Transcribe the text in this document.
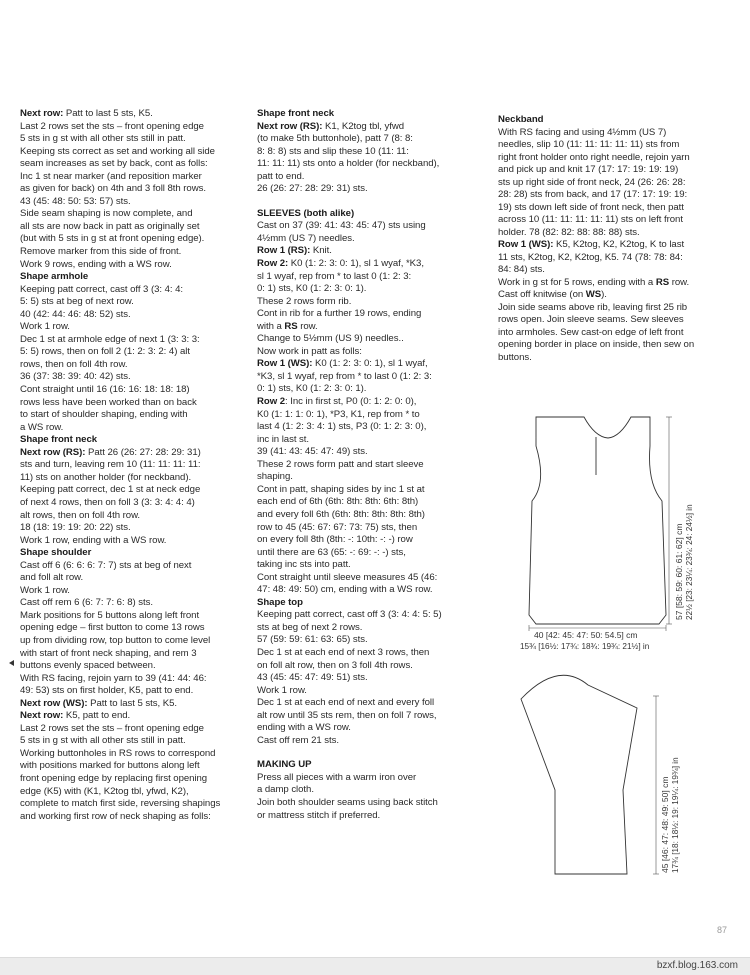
Next row: Patt to last 5 sts, K5.
Last 2 rows set the sts – front opening edge
5 sts in g st with all other sts still in patt.
Keeping sts correct as set and working all side
seam increases as set by back, cont as folls:
Inc 1 st near marker (and reposition marker
as given for back) on 4th and 3 foll 8th rows.
43 (45: 48: 50: 53: 57) sts.
Side seam shaping is now complete, and
all sts are now back in patt as originally set
(but with 5 sts in g st at front opening edge).
Remove marker from this side of front.
Work 9 rows, ending with a WS row.
Shape armhole
Keeping patt correct, cast off 3 (3: 4: 4:
5: 5) sts at beg of next row.
40 (42: 44: 46: 48: 52) sts.
Work 1 row.
Dec 1 st at armhole edge of next 1 (3: 3: 3:
5: 5) rows, then on foll 2 (1: 2: 3: 2: 4) alt
rows, then on foll 4th row.
36 (37: 38: 39: 40: 42) sts.
Cont straight until 16 (16: 16: 18: 18: 18)
rows less have been worked than on back
to start of shoulder shaping, ending with
a WS row.
Shape front neck
Next row (RS): Patt 26 (26: 27: 28: 29: 31)
sts and turn, leaving rem 10 (11: 11: 11: 11:
11) sts on another holder (for neckband).
Keeping patt correct, dec 1 st at neck edge
of next 4 rows, then on foll 3 (3: 3: 4: 4: 4)
alt rows, then on foll 4th row.
18 (18: 19: 19: 20: 22) sts.
Work 1 row, ending with a WS row.
Shape shoulder
Cast off 6 (6: 6: 6: 7: 7) sts at beg of next
and foll alt row.
Work 1 row.
Cast off rem 6 (6: 7: 7: 6: 8) sts.
Mark positions for 5 buttons along left front
opening edge – first button to come 13 rows
up from dividing row, top button to come level
with start of front neck shaping, and rem 3
buttons evenly spaced between.
With RS facing, rejoin yarn to 39 (41: 44: 46:
49: 53) sts on first holder, K5, patt to end.
Next row (WS): Patt to last 5 sts, K5.
Next row: K5, patt to end.
Last 2 rows set the sts – front opening edge
5 sts in g st with all other sts still in patt.
Working buttonholes in RS rows to correspond
with positions marked for buttons along left
front opening edge by replacing first opening
edge (K5) with (K1, K2tog tbl, yfwd, K2),
complete to match first side, reversing shapings
and working first row of neck shaping as folls:
Shape front neck
Next row (RS): K1, K2tog tbl, yfwd
(to make 5th buttonhole), patt 7 (8: 8:
8: 8: 8) sts and slip these 10 (11: 11:
11: 11: 11) sts onto a holder (for neckband),
patt to end.
26 (26: 27: 28: 29: 31) sts.
SLEEVES (both alike)
Cast on 37 (39: 41: 43: 45: 47) sts using
4½mm (US 7) needles.
Row 1 (RS): Knit.
Row 2: K0 (1: 2: 3: 0: 1), sl 1 wyaf, *K3,
sl 1 wyaf, rep from * to last 0 (1: 2: 3:
0: 1) sts, K0 (1: 2: 3: 0: 1).
These 2 rows form rib.
Cont in rib for a further 19 rows, ending
with a RS row.
Change to 5½mm (US 9) needles..
Now work in patt as folls:
Row 1 (WS): K0 (1: 2: 3: 0: 1), sl 1 wyaf,
*K3, sl 1 wyaf, rep from * to last 0 (1: 2: 3:
0: 1) sts, K0 (1: 2: 3: 0: 1).
Row 2: Inc in first st, P0 (0: 1: 2: 0: 0),
K0 (1: 1: 1: 0: 1), *P3, K1, rep from * to
last 4 (1: 2: 3: 4: 1) sts, P3 (0: 1: 2: 3: 0),
inc in last st.
39 (41: 43: 45: 47: 49) sts.
These 2 rows form patt and start sleeve
shaping.
Cont in patt, shaping sides by inc 1 st at
each end of 6th (6th: 8th: 8th: 6th: 8th)
and every foll 6th (6th: 8th: 8th: 8th: 8th)
row to 45 (45: 67: 67: 73: 75) sts, then
on every foll 8th (8th: -: 10th: -: -) row
until there are 63 (65: -: 69: -: -) sts,
taking inc sts into patt.
Cont straight until sleeve measures 45 (46:
47: 48: 49: 50) cm, ending with a WS row.
Shape top
Keeping patt correct, cast off 3 (3: 4: 4: 5: 5)
sts at beg of next 2 rows.
57 (59: 59: 61: 63: 65) sts.
Dec 1 st at each end of next 3 rows, then
on foll alt row, then on 3 foll 4th rows.
43 (45: 45: 47: 49: 51) sts.
Work 1 row.
Dec 1 st at each end of next and every foll
alt row until 35 sts rem, then on foll 7 rows,
ending with a WS row.
Cast off rem 21 sts.
MAKING UP
Press all pieces with a warm iron over
a damp cloth.
Join both shoulder seams using back stitch
or mattress stitch if preferred.
Neckband
With RS facing and using 4½mm (US 7)
needles, slip 10 (11: 11: 11: 11: 11) sts from
right front holder onto right needle, rejoin yarn
and pick up and knit 17 (17: 17: 19: 19: 19)
sts up right side of front neck, 24 (26: 26: 28:
28: 28) sts from back, and 17 (17: 17: 19: 19:
19) sts down left side of front neck, then patt
across 10 (11: 11: 11: 11: 11) sts on left front
holder. 78 (82: 82: 88: 88: 88) sts.
Row 1 (WS): K5, K2tog, K2, K2tog, K to last
11 sts, K2tog, K2, K2tog, K5. 74 (78: 78: 84:
84: 84) sts.
Work in g st for 5 rows, ending with a RS row.
Cast off knitwise (on WS).
Join side seams above rib, leaving first 25 rib
rows open. Join sleeve seams. Sew sleeves
into armholes. Sew cast-on edge of left front
opening border in place on inside, then sew on
buttons.
57 [58: 59: 60: 61: 62] cm 22½ [23: 23¼: 23¾: 24: 24½] in
40 [42: 45: 47: 50: 54.5] cm
15¾ [16½: 17¾: 18¾: 19¾: 21½] in
45 [46: 47: 48: 49: 50] cm 17¾ [18: 18½: 19: 19¼: 19¾] in
87
bzxf.blog.163.com
